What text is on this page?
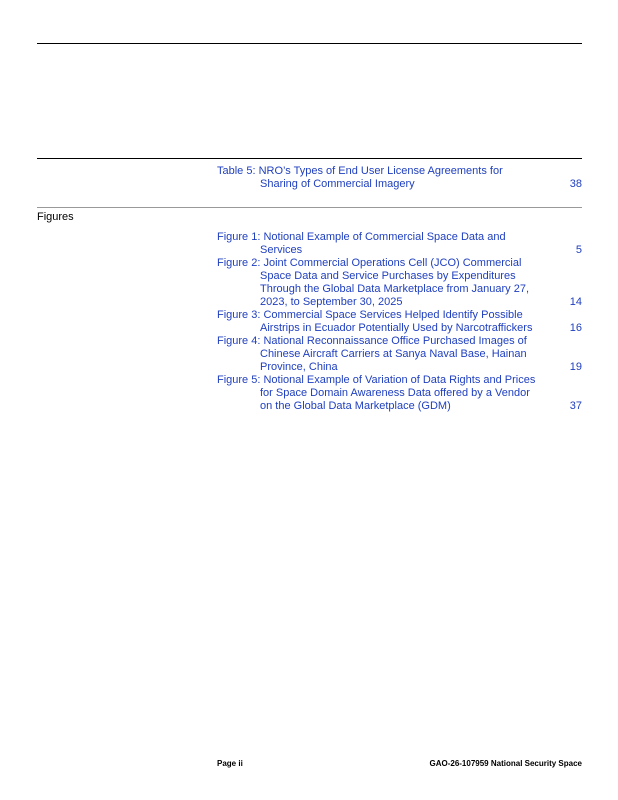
Table 5: NRO’s Types of End User License Agreements for
Sharing of Commercial Imagery	38
Figures
Figure 1: Notional Example of Commercial Space Data and
Services	5
Figure 2: Joint Commercial Operations Cell (JCO) Commercial
Space Data and Service Purchases by Expenditures
Through the Global Data Marketplace from January 27,
2023, to September 30, 2025	14
Figure 3: Commercial Space Services Helped Identify Possible
Airstrips in Ecuador Potentially Used by Narcotraffickers	16
Figure 4: National Reconnaissance Office Purchased Images of
Chinese Aircraft Carriers at Sanya Naval Base, Hainan
Province, China	19
Figure 5: Notional Example of Variation of Data Rights and Prices
for Space Domain Awareness Data offered by a Vendor
on the Global Data Marketplace (GDM)	37
Page ii	GAO-26-107959 National Security Space
